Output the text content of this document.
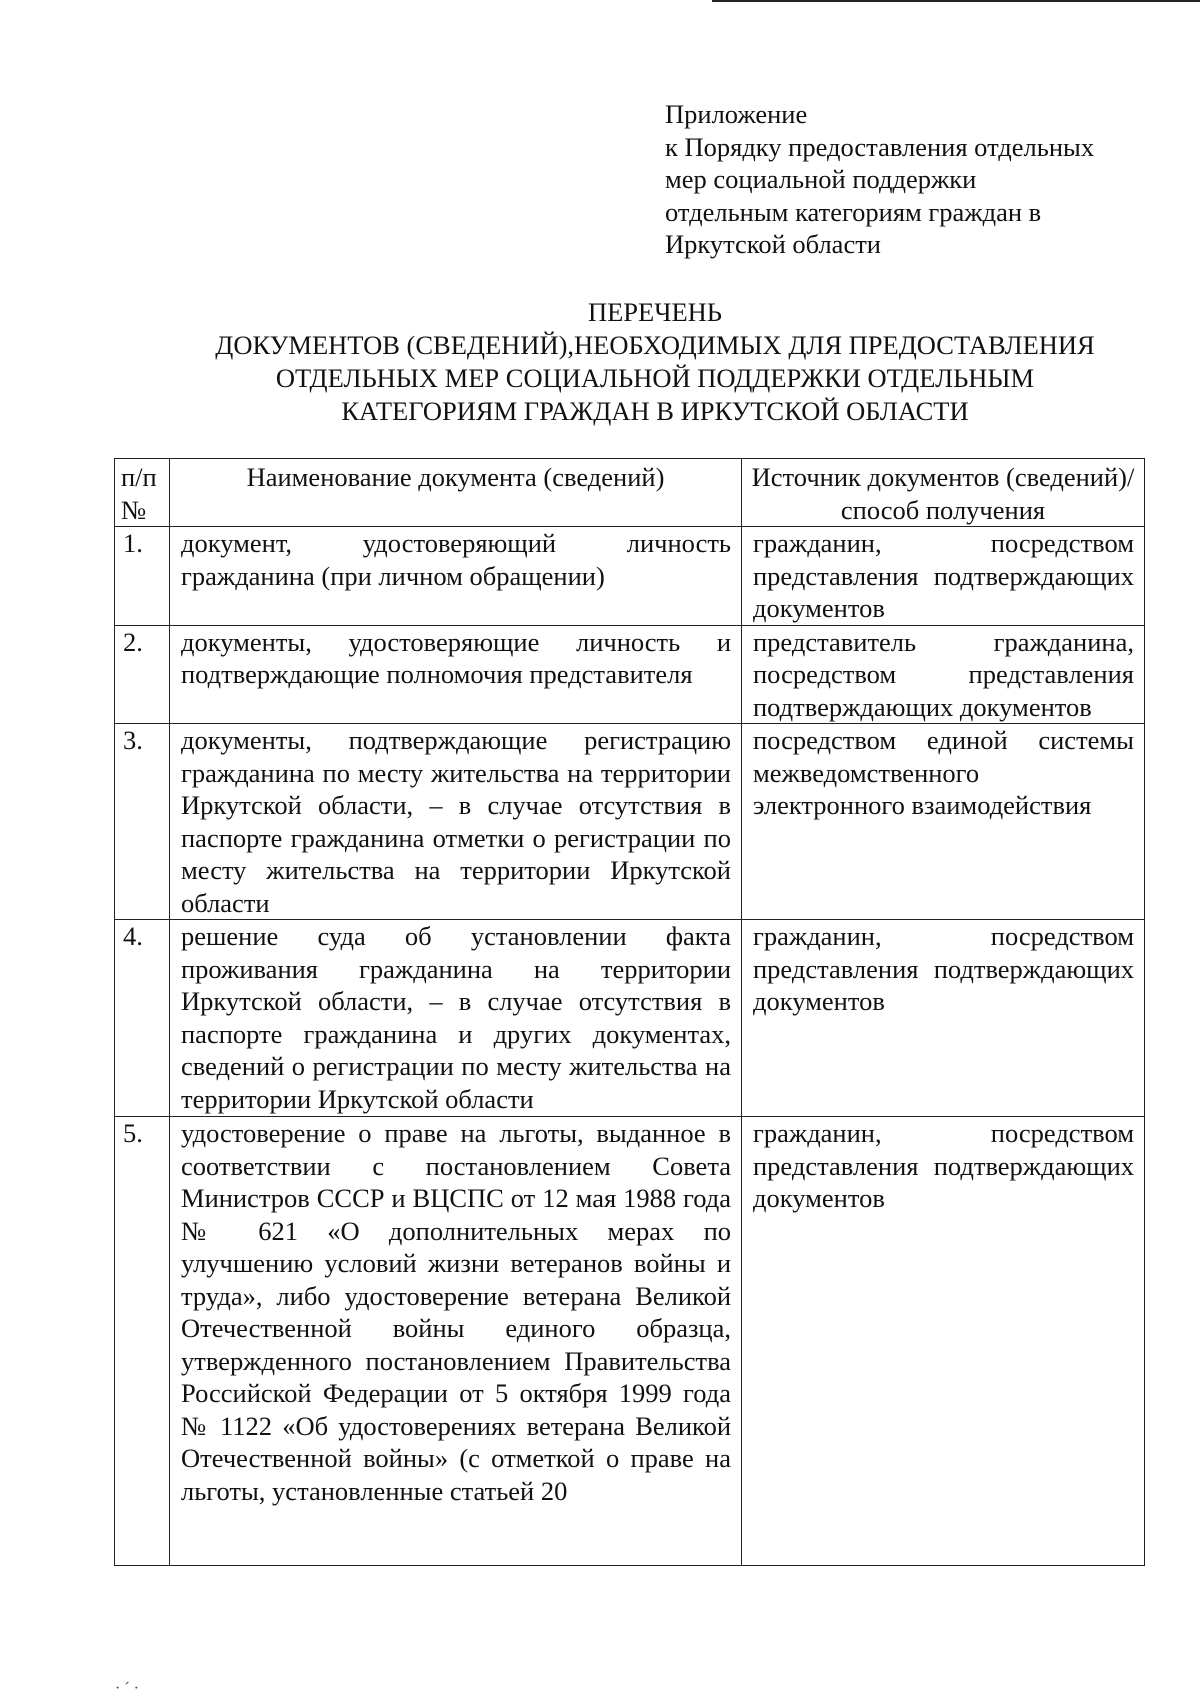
Приложение
к Порядку предоставления отдельных
мер социальной поддержки
отдельным категориям граждан в
Иркутской области
ПЕРЕЧЕНЬ
ДОКУМЕНТОВ (СВЕДЕНИЙ),НЕОБХОДИМЫХ ДЛЯ ПРЕДОСТАВЛЕНИЯ
ОТДЕЛЬНЫХ МЕР СОЦИАЛЬНОЙ ПОДДЕРЖКИ ОТДЕЛЬНЫМ
КАТЕГОРИЯМ ГРАЖДАН В ИРКУТСКОЙ ОБЛАСТИ
п/п №	Наименование документа (сведений)	Источник документов (сведений)/способ получения
1.	документ, удостоверяющий личность гражданина (при личном обращении)	гражданин, посредством представления подтверждающих документов
2.	документы, удостоверяющие личность и подтверждающие полномочия представителя	представитель гражданина, посредством представления подтверждающих документов
3.	документы, подтверждающие регистрацию гражданина по месту жительства на территории Иркутской области, – в случае отсутствия в паспорте гражданина отметки о регистрации по месту жительства на территории Иркутской области	посредством единой системы межведомственного электронного взаимодействия
4.	решение суда об установлении факта проживания гражданина на территории Иркутской области, – в случае отсутствия в паспорте гражданина и других документах, сведений о регистрации по месту жительства на территории Иркутской области	гражданин, посредством представления подтверждающих документов
5.	удостоверение о праве на льготы, выданное в соответствии с постановлением Совета Министров СССР и ВЦСПС от 12 мая 1988 года № 621 «О дополнительных мерах по улучшению условий жизни ветеранов войны и труда», либо удостоверение ветерана Великой Отечественной войны единого образца, утвержденного постановлением Правительства Российской Федерации от 5 октября 1999 года № 1122 «Об удостоверениях ветерана Великой Отечественной войны» (с отметкой о праве на льготы, установленные статьей 20	гражданин, посредством представления подтверждающих документов
· ´ ·
